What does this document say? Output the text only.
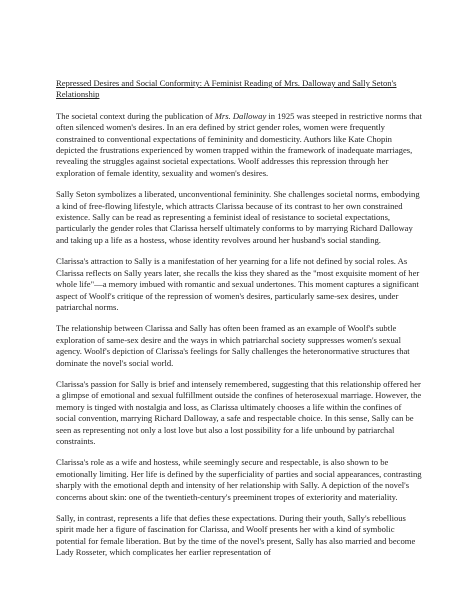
Repressed Desires and Social Conformity: A Feminist Reading of Mrs. Dalloway and Sally Seton's Relationship

The societal context during the publication of Mrs. Dalloway in 1925 was steeped in restrictive norms that often silenced women's desires. In an era defined by strict gender roles, women were frequently constrained to conventional expectations of femininity and domesticity. Authors like Kate Chopin depicted the frustrations experienced by women trapped within the framework of inadequate marriages, revealing the struggles against societal expectations. Woolf addresses this repression through her exploration of female identity, sexuality and women's desires.

Sally Seton symbolizes a liberated, unconventional femininity. She challenges societal norms, embodying a kind of free-flowing lifestyle, which attracts Clarissa because of its contrast to her own constrained existence. Sally can be read as representing a feminist ideal of resistance to societal expectations, particularly the gender roles that Clarissa herself ultimately conforms to by marrying Richard Dalloway and taking up a life as a hostess, whose identity revolves around her husband's social standing.

Clarissa's attraction to Sally is a manifestation of her yearning for a life not defined by social roles. As Clarissa reflects on Sally years later, she recalls the kiss they shared as the "most exquisite moment of her whole life"—a memory imbued with romantic and sexual undertones. This moment captures a significant aspect of Woolf's critique of the repression of women's desires, particularly same-sex desires, under patriarchal norms.

The relationship between Clarissa and Sally has often been framed as an example of Woolf's subtle exploration of same-sex desire and the ways in which patriarchal society suppresses women's sexual agency. Woolf's depiction of Clarissa's feelings for Sally challenges the heteronormative structures that dominate the novel's social world.

Clarissa's passion for Sally is brief and intensely remembered, suggesting that this relationship offered her a glimpse of emotional and sexual fulfillment outside the confines of heterosexual marriage. However, the memory is tinged with nostalgia and loss, as Clarissa ultimately chooses a life within the confines of social convention, marrying Richard Dalloway, a safe and respectable choice. In this sense, Sally can be seen as representing not only a lost love but also a lost possibility for a life unbound by patriarchal constraints.

Clarissa's role as a wife and hostess, while seemingly secure and respectable, is also shown to be emotionally limiting. Her life is defined by the superficiality of parties and social appearances, contrasting sharply with the emotional depth and intensity of her relationship with Sally. A depiction of the novel's concerns about skin: one of the twentieth-century's preeminent tropes of exteriority and materiality.

Sally, in contrast, represents a life that defies these expectations. During their youth, Sally's rebellious spirit made her a figure of fascination for Clarissa, and Woolf presents her with a kind of symbolic potential for female liberation. But by the time of the novel's present, Sally has also married and become Lady Rosseter, which complicates her earlier representation of
